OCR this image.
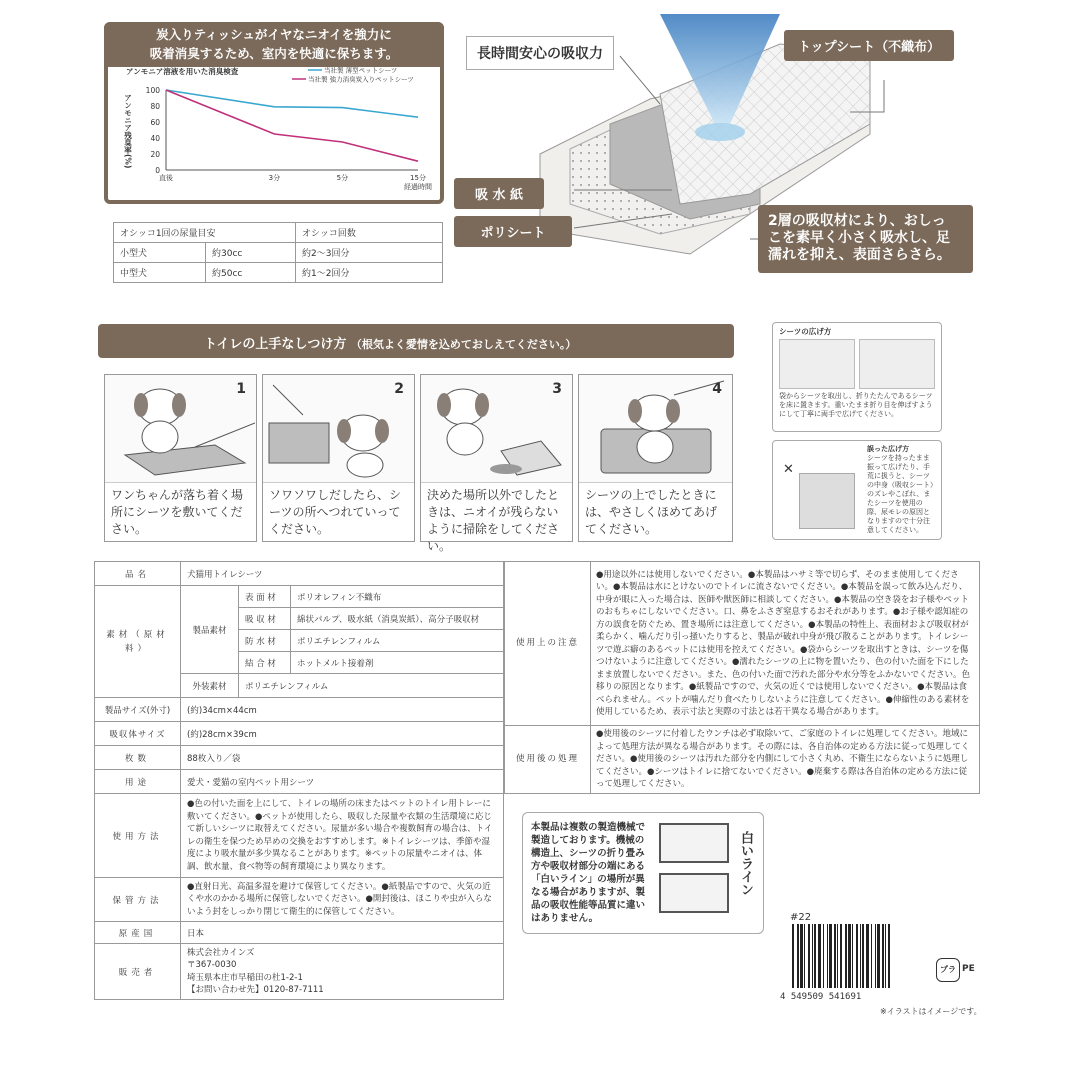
炭入りティッシュがイヤなニオイを強力に
吸着消臭するため、室内を快適に保ちます。
アンモニア溶液を用いた消臭検査	当社製 薄型ペットシーツ
当社製 強力消臭炭入りペットシーツ
アンモニア残臭率(%)
100
80
60
40
20
0
直後	3分	5分	15分
経過時間
オシッコ1回の尿量目安		オシッコ回数
小型犬	約30cc	約2〜3回分
中型犬	約50cc	約1〜2回分
長時間安心の吸収力	トップシート（不織布）
吸 水 紙
ポリシート
2層の吸収材により、おしっ
こを素早く小さく吸水し、足
濡れを抑え、表面さらさら。
トイレの上手なしつけ方 （根気よく愛情を込めておしえてください。）
1
ワンちゃんが落ち着く場所にシーツを敷いてください。
2
ソワソワしだしたら、シーツの所へつれていってください。
3
決めた場所以外でしたときは、ニオイが残らないように掃除をしてください。
4
シーツの上でしたときには、やさしくほめてあげてください。
シーツの広げ方
袋からシーツを取出し、折りたたんであるシーツを床に置きます。重いたまま折り目を伸ばすようにして丁寧に両手で広げてください。
✕
誤った広げ方
シーツを持ったまま振って広げたり、手荒に扱うと、シーツの中身（吸収シート）のズレやこぼれ、またシーツを使用の際、尿モレの原因となりますので十分注意してください。
品名	犬猫用トイレシーツ		
素材（原材料）	製品素材	表 面 材	ポリオレフィン不織布
		吸 収 材	綿状パルプ、吸水紙（消臭炭紙）、高分子吸収材
		防 水 材	ポリエチレンフィルム
		結 合 材	ホットメルト接着剤
	外装素材	ポリエチレンフィルム	
製品サイズ(外寸)	(約)34cm×44cm		
吸収体サイズ	(約)28cm×39cm		
枚数	88枚入り／袋		
用途	愛犬・愛猫の室内ペット用シーツ		
使用方法	●色の付いた面を上にして、トイレの場所の床またはペットのトイレ用トレーに敷いてください。●ペットが使用したら、吸収した尿量や衣類の生活環境に応じて新しいシーツに取替えてください。尿量が多い場合や複数飼育の場合は、トイレの衛生を保つため早めの交換をおすすめします。※トイレシーツは、季節や湿度により吸水量が多少異なることがあります。※ペットの尿量やニオイは、体調、飲水量、食べ物等の飼育環境により異なります。		
保管方法	●直射日光、高温多湿を避けて保管してください。●紙製品ですので、火気の近くや水のかかる場所に保管しないでください。●開封後は、ほこりや虫が入らないよう封をしっかり閉じて衛生的に保管してください。		
原産国	日本		
販売者	株式会社カインズ
〒367-0030
埼玉県本庄市早稲田の杜1-2-1
【お問い合わせ先】0120-87-7111		
使用上の注意	●用途以外には使用しないでください。●本製品はハサミ等で切らず、そのまま使用してください。●本製品は水にとけないのでトイレに流さないでください。●本製品を誤って飲み込んだり、中身が眼に入った場合は、医師や獣医師に相談してください。●本製品の空き袋をお子様やペットのおもちゃにしないでください。口、鼻をふさぎ窒息するおそれがあります。●お子様や認知症の方の誤食を防ぐため、置き場所には注意してください。●本製品の特性上、表面材および吸収材が柔らかく、噛んだり引っ掻いたりすると、製品が破れ中身が飛び散ることがあります。トイレシーツで遊ぶ癖のあるペットには使用を控えてください。●袋からシーツを取出すときは、シーツを傷つけないように注意してください。●濡れたシーツの上に物を置いたり、色の付いた面を下にしたまま放置しないでください。また、色の付いた面で汚れた部分や水分等をふかないでください。色移りの原因となります。●紙製品ですので、火気の近くでは使用しないでください。●本製品は食べられません。ペットが噛んだり食べたりしないように注意してください。●伸縮性のある素材を使用しているため、表示寸法と実際の寸法とは若干異なる場合があります。
使用後の処理	●使用後のシーツに付着したウンチは必ず取除いて、ご家庭のトイレに処理してください。地域によって処理方法が異なる場合があります。その際には、各自治体の定める方法に従って処理してください。●使用後のシーツは汚れた部分を内側にして小さく丸め、不衛生にならないように処理してください。●シーツはトイレに捨てないでください。●廃棄する際は各自治体の定める方法に従って処理してください。
本製品は複数の製造機械で製造しております。機械の構造上、シーツの折り畳み方や吸収材部分の端にある「白いライン」の場所が異なる場合がありますが、製品の吸収性能等品質に違いはありません。
白いライン
#22
4 549509 541691
プラ PE
※イラストはイメージです。
